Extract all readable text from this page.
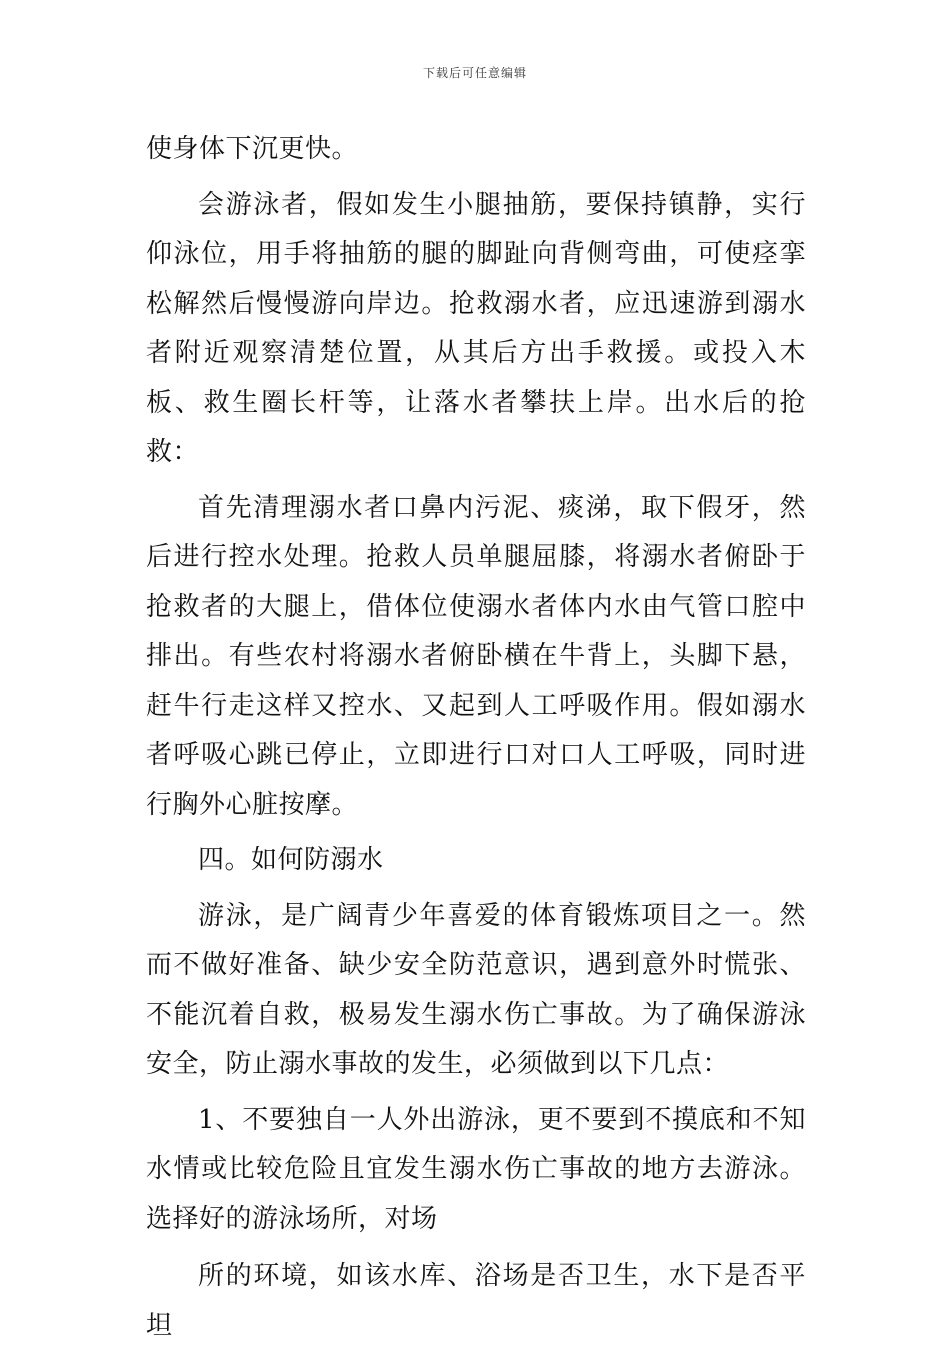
下载后可任意编辑

使身体下沉更快。

会游泳者，假如发生小腿抽筋，要保持镇静，实行仰泳位，用手将抽筋的腿的脚趾向背侧弯曲，可使痉挛松解然后慢慢游向岸边。抢救溺水者，应迅速游到溺水者附近观察清楚位置，从其后方出手救援。或投入木板、救生圈长杆等，让落水者攀扶上岸。出水后的抢救：

首先清理溺水者口鼻内污泥、痰涕，取下假牙，然后进行控水处理。抢救人员单腿屈膝，将溺水者俯卧于抢救者的大腿上，借体位使溺水者体内水由气管口腔中排出。有些农村将溺水者俯卧横在牛背上，头脚下悬，赶牛行走这样又控水、又起到人工呼吸作用。假如溺水者呼吸心跳已停止，立即进行口对口人工呼吸，同时进行胸外心脏按摩。

四。如何防溺水

游泳，是广阔青少年喜爱的体育锻炼项目之一。然而不做好准备、缺少安全防范意识，遇到意外时慌张、不能沉着自救，极易发生溺水伤亡事故。为了确保游泳安全，防止溺水事故的发生，必须做到以下几点：

1、不要独自一人外出游泳，更不要到不摸底和不知水情或比较危险且宜发生溺水伤亡事故的地方去游泳。选择好的游泳场所，对场

所的环境，如该水库、浴场是否卫生，水下是否平坦
